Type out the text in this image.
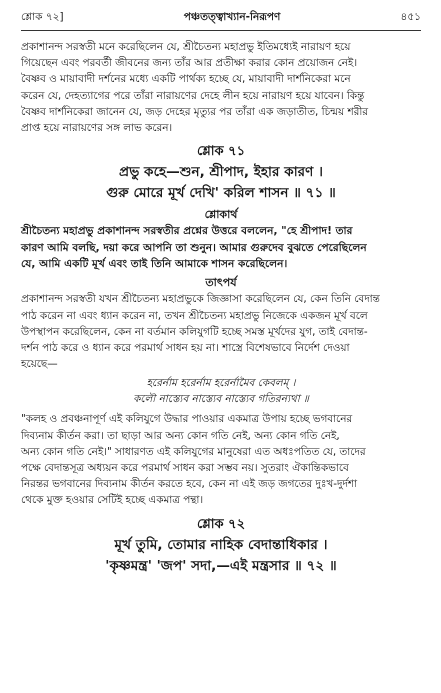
শ্লোক ৭২]	পঞ্চতত্ত্বাখ্যান-নিরূপণ	৪৫১

প্রকাশানন্দ সরস্বতী মনে করেছিলেন যে, শ্রীচৈতন্য মহাপ্রভু ইতিমধ্যেই নারায়ণ হয়ে

গিয়েছেন এবং পরবর্তী জীবনের জন্য তাঁর আর প্রতীক্ষা করার কোন প্রয়োজন নেই।

বৈষ্ণব ও মায়াবাদী দর্শনের মধ্যে একটি পার্থক্য হচ্ছে যে, মায়াবাদী দার্শনিকেরা মনে

করেন যে, দেহত্যাগের পরে তাঁরা নারায়ণের দেহে লীন হয়ে নারায়ণ হয়ে যাবেন। কিন্তু

বৈষ্ণব দার্শনিকেরা জানেন যে, জড় দেহের মৃত্যুর পর তাঁরা এক জড়াতীত, চিন্ময় শরীর

প্রাপ্ত হয়ে নারায়ণের সঙ্গ লাভ করেন।

শ্লোক ৭১
প্রভু কহে—শুন, শ্রীপাদ, ইহার কারণ ।
গুরু মোরে মূর্খ দেখি' করিল শাসন ॥ ৭১ ॥
শ্লোকার্থ

শ্রীচৈতন্য মহাপ্রভু প্রকাশানন্দ সরস্বতীর প্রশ্নের উত্তরে বললেন, "হে শ্রীপাদ! তার

কারণ আমি বলছি, দয়া করে আপনি তা শুনুন। আমার গুরুদেব বুঝতে পেরেছিলেন

যে, আমি একটি মূর্খ এবং তাই তিনি আমাকে শাসন করেছিলেন।

তাৎপর্য

প্রকাশানন্দ সরস্বতী যখন শ্রীচৈতন্য মহাপ্রভুকে জিজ্ঞাসা করেছিলেন যে, কেন তিনি বেদান্ত

পাঠ করেন না এবং ধ্যান করেন না, তখন শ্রীচৈতন্য মহাপ্রভু নিজেকে একজন মূর্খ বলে

উপস্থাপন করেছিলেন, কেন না বর্তমান কলিযুগটি হচ্ছে সমস্ত মূর্খদের যুগ, তাই বেদান্ত-

দর্শন পাঠ করে ও ধ্যান করে পরমার্থ সাধন হয় না। শাস্ত্রে বিশেষভাবে নির্দেশ দেওয়া

হয়েছে—

হরের্নাম হরের্নাম হরের্নামৈব কেবলম্ ।

কলৌ নাস্ত্যেব নাস্ত্যেব নাস্ত্যেব গতিরন্যথা ॥

"কলহ ও প্রবঞ্চনাপূর্ণ এই কলিযুগে উদ্ধার পাওয়ার একমাত্র উপায় হচ্ছে ভগবানের

দিব্যনাম কীর্তন করা। তা ছাড়া আর অন্য কোন গতি নেই, অন্য কোন গতি নেই,

অন্য কোন গতি নেই।" সাধারণত এই কলিযুগের মানুষেরা এত অধঃপতিত যে, তাদের

পক্ষে বেদান্তসূত্র অধ্যয়ন করে পরমার্থ সাধন করা সম্ভব নয়। সুতরাং ঐকান্তিকভাবে

নিরন্তর ভগবানের দিব্যনাম কীর্তন করতে হবে, কেন না এই জড় জগতের দুঃখ-দুর্দশা

থেকে মুক্ত হওয়ার সেটিই হচ্ছে একমাত্র পন্থা।

শ্লোক ৭২
মূর্খ তুমি, তোমার নাহিক বেদান্তাধিকার ।
'কৃষ্ণমন্ত্র' 'জপ' সদা,—এই মন্ত্রসার ॥ ৭২ ॥
